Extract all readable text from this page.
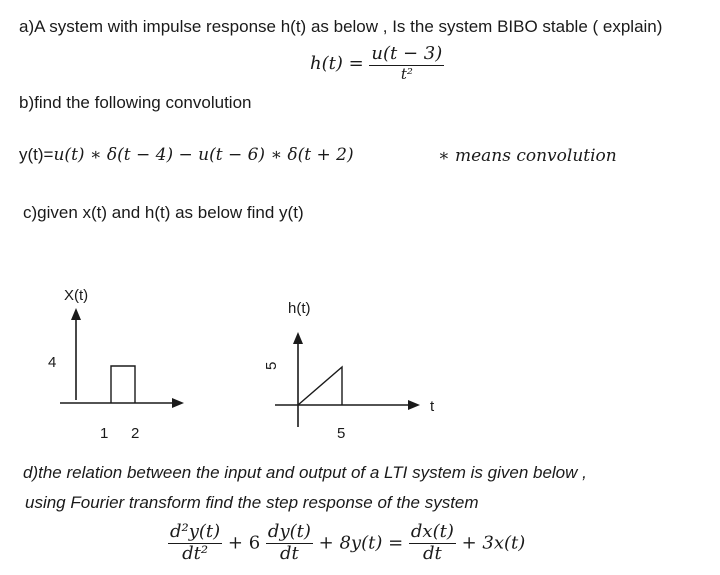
a)A system with impulse response h(t) as below , Is the system BIBO stable ( explain)
$h(t) = \frac{u(t - 3)}{\text{t²}}$
b)find the following convolution
y(t)=u(t) ∗ δ(t − 4) − u(t − 6) ∗ δ(t + 2)	∗ means convolution
c)given x(t) and h(t) as below find y(t)
X(t)
4
1 2
h(t)
5
5
t
d)the relation between the input and output of a LTI system is given below ,
using Fourier transform find the step response of the system
$\frac{\text{d²y(t)}}{\text{dt²}} + 6 \frac{dy(t)}{dt} + 8y(t) = \frac{dx(t)}{dt} + 3x(t)$
